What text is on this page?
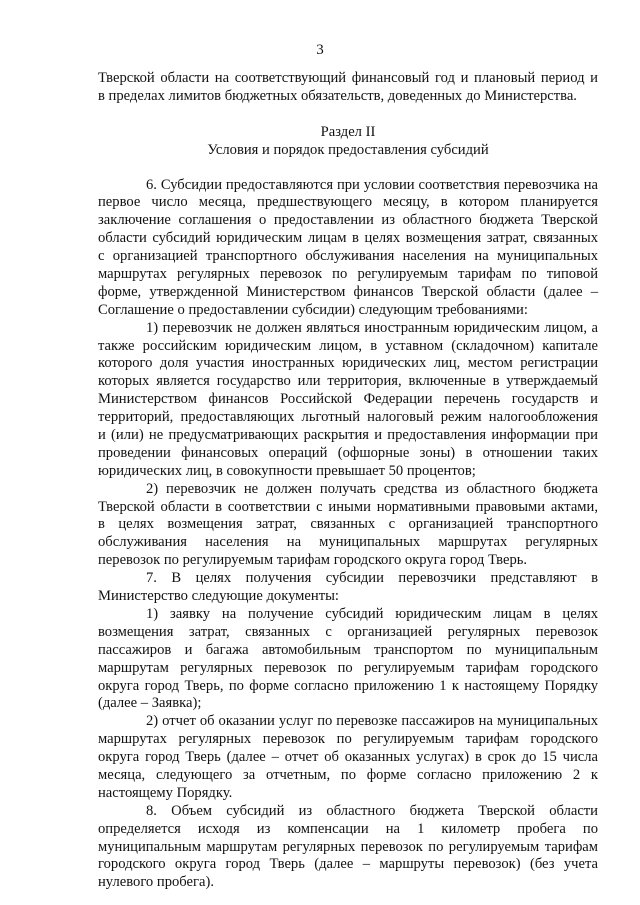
3
Тверской области на соответствующий финансовый год и плановый период и
в пределах лимитов бюджетных обязательств, доведенных до Министерства.
Раздел II
Условия и порядок предоставления субсидий
6. Субсидии предоставляются при условии соответствия перевозчика на
первое число месяца, предшествующего месяцу, в котором планируется
заключение соглашения о предоставлении из областного бюджета Тверской
области субсидий юридическим лицам в целях возмещения затрат, связанных
с организацией транспортного обслуживания населения на муниципальных
маршрутах регулярных перевозок по регулируемым тарифам по типовой
форме, утвержденной Министерством финансов Тверской области (далее –
Соглашение о предоставлении субсидии) следующим требованиями:
1) перевозчик не должен являться иностранным юридическим лицом, а
также российским юридическим лицом, в уставном (складочном) капитале
которого доля участия иностранных юридических лиц, местом регистрации
которых является государство или территория, включенные в утверждаемый
Министерством финансов Российской Федерации перечень государств и
территорий, предоставляющих льготный налоговый режим налогообложения
и (или) не предусматривающих раскрытия и предоставления информации при
проведении финансовых операций (офшорные зоны) в отношении таких
юридических лиц, в совокупности превышает 50 процентов;
2) перевозчик не должен получать средства из областного бюджета
Тверской области в соответствии с иными нормативными правовыми актами,
в целях возмещения затрат, связанных с организацией транспортного
обслуживания населения на муниципальных маршрутах регулярных
перевозок по регулируемым тарифам городского округа город Тверь.
7. В целях получения субсидии перевозчики представляют в
Министерство следующие документы:
1) заявку на получение субсидий юридическим лицам в целях
возмещения затрат, связанных с организацией регулярных перевозок
пассажиров и багажа автомобильным транспортом по муниципальным
маршрутам регулярных перевозок по регулируемым тарифам городского
округа город Тверь, по форме согласно приложению 1 к настоящему Порядку
(далее – Заявка);
2) отчет об оказании услуг по перевозке пассажиров на муниципальных
маршрутах регулярных перевозок по регулируемым тарифам городского
округа город Тверь (далее – отчет об оказанных услугах) в срок до 15 числа
месяца, следующего за отчетным, по форме согласно приложению 2 к
настоящему Порядку.
8. Объем субсидий из областного бюджета Тверской области
определяется исходя из компенсации на 1 километр пробега по
муниципальным маршрутам регулярных перевозок по регулируемым тарифам
городского округа город Тверь (далее – маршруты перевозок) (без учета
нулевого пробега).
